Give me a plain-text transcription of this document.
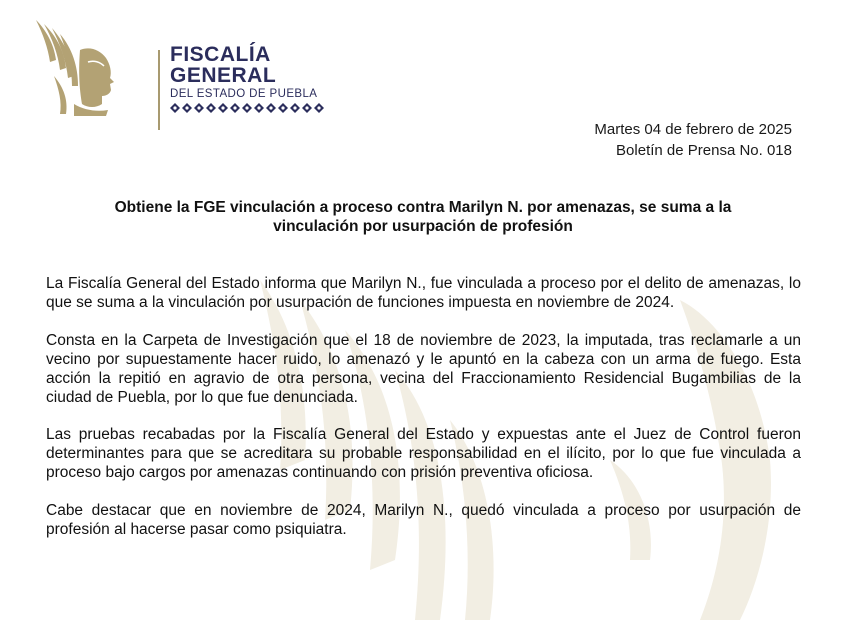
FISCALÍA
GENERAL
DEL ESTADO DE PUEBLA
Martes 04 de febrero de 2025
Boletín de Prensa No. 018
Obtiene la FGE vinculación a proceso contra Marilyn N. por amenazas, se suma a la vinculación por usurpación de profesión

La Fiscalía General del Estado informa que Marilyn N., fue vinculada a proceso por el delito de amenazas, lo que se suma a la vinculación por usurpación de funciones impuesta en noviembre de 2024.

Consta en la Carpeta de Investigación que el 18 de noviembre de 2023, la imputada, tras reclamarle a un vecino por supuestamente hacer ruido, lo amenazó y le apuntó en la cabeza con un arma de fuego. Esta acción la repitió en agravio de otra persona, vecina del Fraccionamiento Residencial Bugambilias de la ciudad de Puebla, por lo que fue denunciada.

Las pruebas recabadas por la Fiscalía General del Estado y expuestas ante el Juez de Control fueron determinantes para que se acreditara su probable responsabilidad en el ilícito, por lo que fue vinculada a proceso bajo cargos por amenazas continuando con prisión preventiva oficiosa.

Cabe destacar que en noviembre de 2024, Marilyn N., quedó vinculada a proceso por usurpación de profesión al hacerse pasar como psiquiatra.
